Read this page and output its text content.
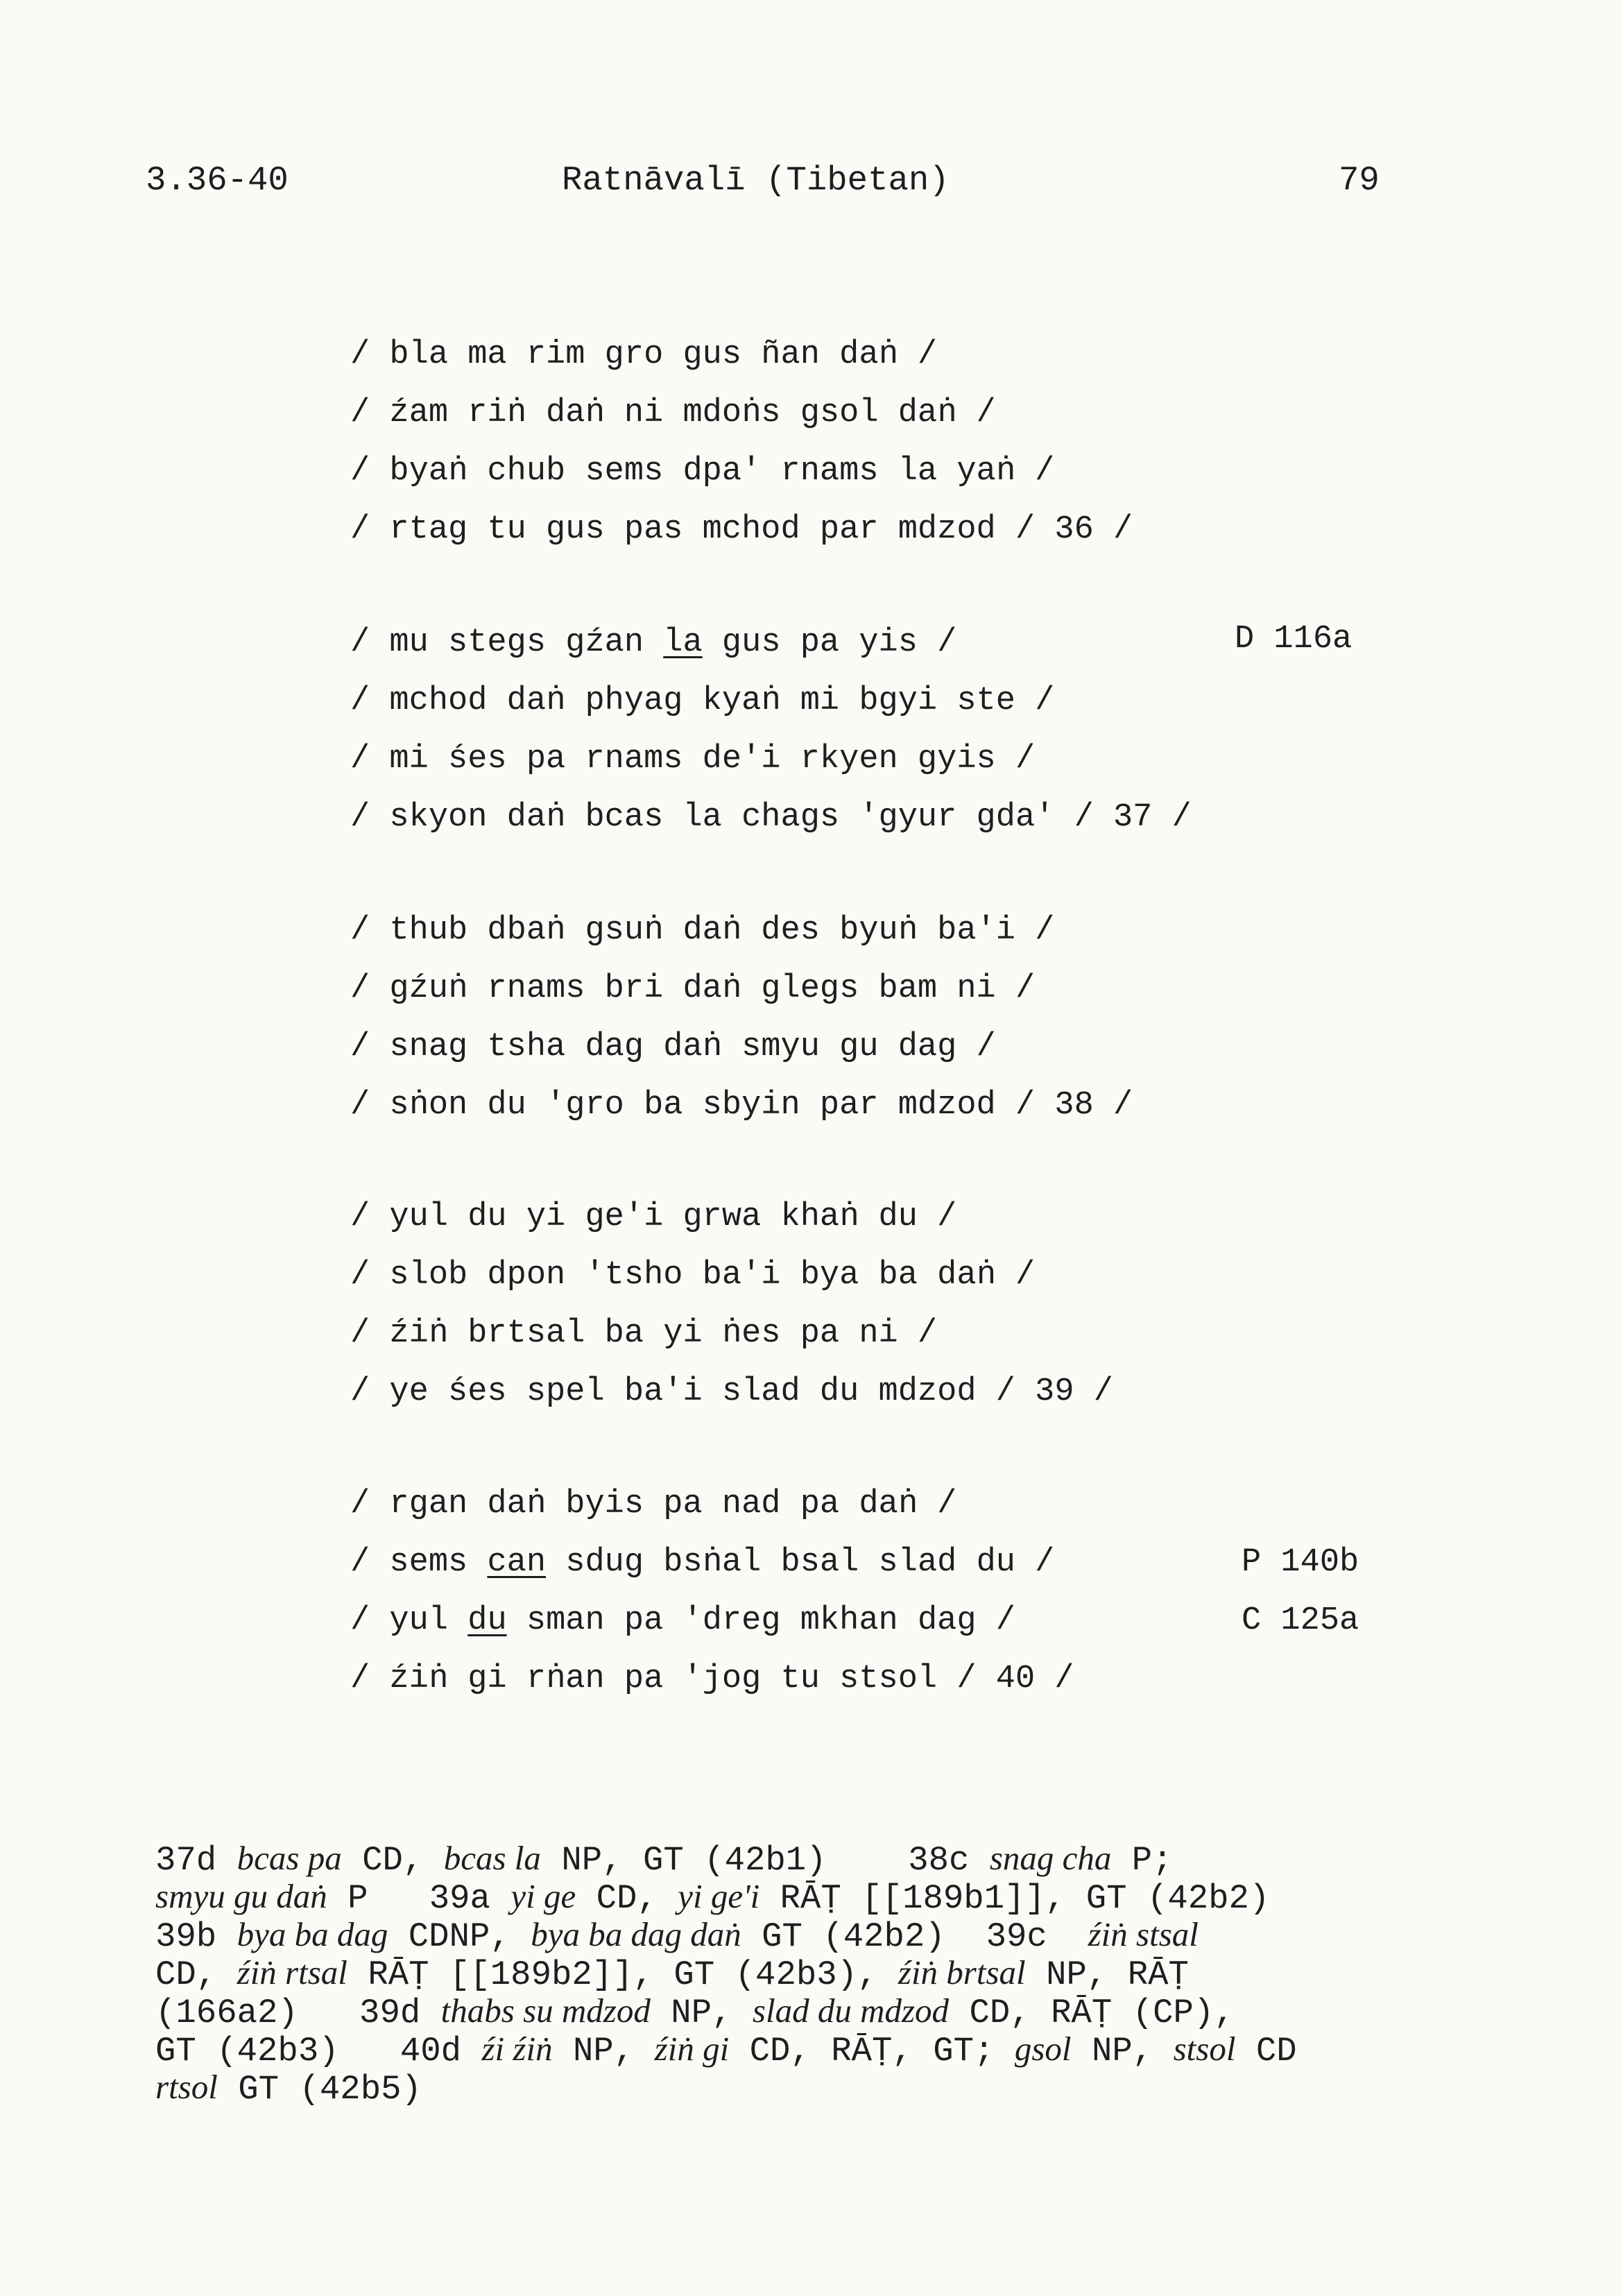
3.36-40	Ratnāvalī (Tibetan)	79
/ bla ma rim gro gus ñan daṅ /
/ źam riṅ daṅ ni mdoṅs gsol daṅ /
/ byaṅ chub sems dpa' rnams la yaṅ /
/ rtag tu gus pas mchod par mdzod / 36 /
/ mu stegs gźan la gus pa yis /
/ mchod daṅ phyag kyaṅ mi bgyi ste /
/ mi śes pa rnams de'i rkyen gyis /
/ skyon daṅ bcas la chags 'gyur gda' / 37 /
/ thub dbaṅ gsuṅ daṅ des byuṅ ba'i /
/ gźuṅ rnams bri daṅ glegs bam ni /
/ snag tsha dag daṅ smyu gu dag /
/ sṅon du 'gro ba sbyin par mdzod / 38 /
/ yul du yi ge'i grwa khaṅ du /
/ slob dpon 'tsho ba'i bya ba daṅ /
/ źiṅ brtsal ba yi ṅes pa ni /
/ ye śes spel ba'i slad du mdzod / 39 /
/ rgan daṅ byis pa nad pa daṅ /
/ sems can sdug bsṅal bsal slad du /
/ yul du sman pa 'dreg mkhan dag /
/ źiṅ gi rṅan pa 'jog tu stsol / 40 /
D 116a
P 140b
C 125a
37d bcas pa CD, bcas la NP, GT (42b1)    38c snag cha P;
smyu gu daṅ P   39a yi ge CD, yi ge'i RĀṬ [[189b1]], GT (42b2)
39b bya ba dag CDNP, bya ba dag daṅ GT (42b2)  39c  źiṅ stsal
CD, źiṅ rtsal RĀṬ [[189b2]], GT (42b3), źiṅ brtsal NP, RĀṬ
(166a2)   39d thabs su mdzod NP, slad du mdzod CD, RĀṬ (CP),
GT (42b3)   40d źi źiṅ NP, źiṅ gi CD, RĀṬ, GT; gsol NP, stsol CD
rtsol GT (42b5)
